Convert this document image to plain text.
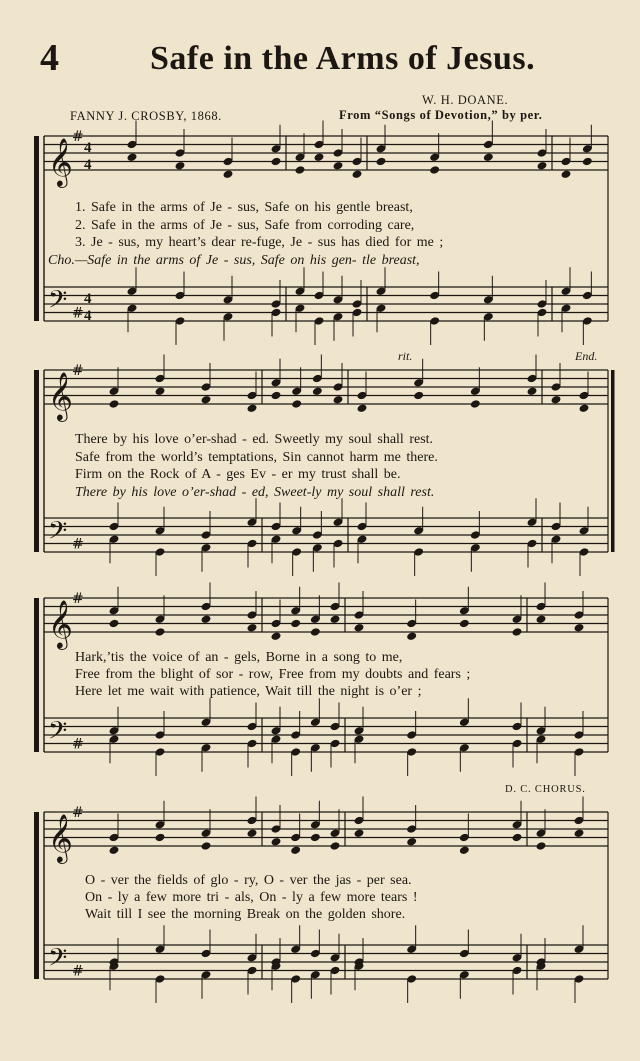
4	Safe in the Arms of Jesus.
FANNY J. CROSBY, 1868.
W. H. DOANE.
From “Songs of Devotion,” by per.
𝄞
𝄢
#
#
4
4
4
4
𝄞
𝄢
#
#
𝄞
𝄢
#
#
𝄞
𝄢
#
#
1. Safe in the arms of Je - sus, Safe on his gentle breast,
2. Safe in the arms of Je - sus, Safe from corroding care,
3. Je - sus, my heart’s dear re-fuge, Je - sus has died for me ;
Cho.—Safe in the arms of Je - sus, Safe on his gen- tle breast,
rit.	End.
There by his love o’er-shad - ed. Sweetly my soul shall rest.
Safe from the world’s temptations, Sin cannot harm me there.
Firm on the Rock of A - ges Ev - er my trust shall be.
There by his love o’er-shad - ed, Sweet-ly my soul shall rest.
Hark,’tis the voice of an - gels, Borne in a song to me,
Free from the blight of sor - row, Free from my doubts and fears ;
Here let me wait with patience, Wait till the night is o’er ;
D. C. CHORUS.
O - ver the fields of glo - ry, O - ver the jas - per sea.
On - ly a few more tri - als, On - ly a few more tears !
Wait till I see the morning Break on the golden shore.
